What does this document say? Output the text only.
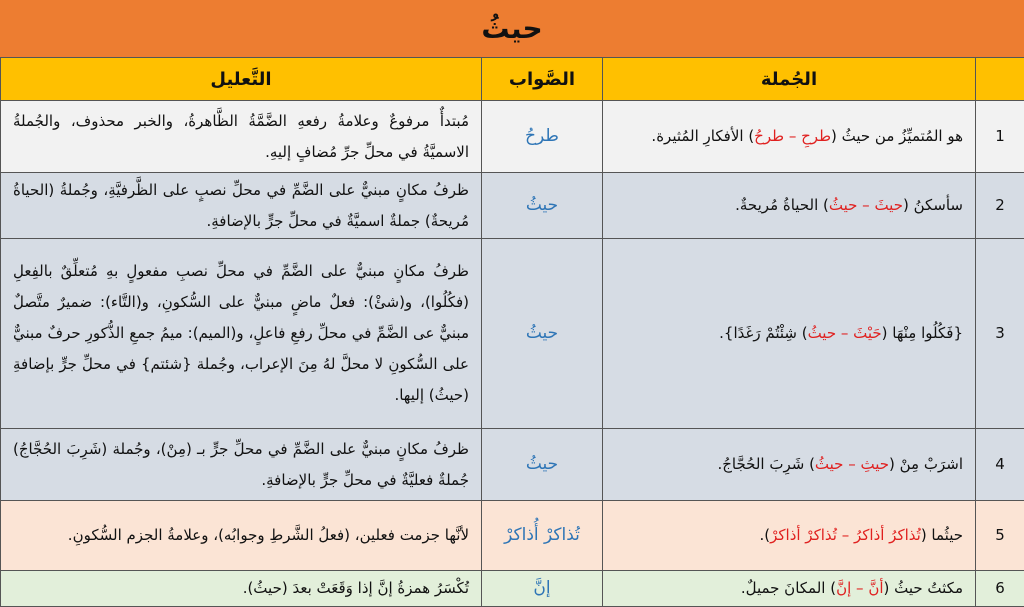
حيثُ
	الجُملة	الصَّواب	التَّعليل
1	هو المُتميِّزُ من حيثُ (طرحِ – طرحُ) الأفكارِ المُثيرة.	طرحُ	مُبتدأٌ مرفوعٌ وعلامةُ رفعهِ الضَّمَّةُ الظَّاهرةُ، والخبر محذوف، والجُملةُ الاسميَّةُ في محلِّ جرِّ مُضافٍ إليهِ.
2	سأسكنُ (حيثَ – حيثُ) الحياةُ مُريحةٌ.	حيثُ	ظرفُ مكانٍ مبنيٌّ على الضَّمِّ في محلِّ نصبٍ على الظَّرفيَّةِ، وجُملةُ (الحياةُ مُريحةٌ) جملةٌ اسميَّةٌ في محلِّ جرٍّ بالإضافةِ.
3	{فَكُلُوا مِنْهَا (حَيْثَ – حيثُ) شِئْتُمْ رَغَدًا}.	حيثُ	ظرفُ مكانٍ مبنيٌّ على الضَّمِّ في محلِّ نصبِ مفعولٍ بهِ مُتعلِّقٌ بالفِعلِ (فكُلُوا)، و(شئْ): فعلٌ ماضٍ مبنيٌّ على السُّكونِ، و(التَّاء): ضميرٌ متَّصلٌ مبنيٌّ عى الضَّمِّ في محلِّ رفعِ فاعلٍ، و(الميم): ميمُ جمعِ الذُّكورِ حرفٌ مبنيٌّ على السُّكونِ لا محلَّ لهُ مِنَ الإعراب، وجُملة {شئتم} في محلِّ جرٍّ بإضافةِ (حيثُ) إليها.
4	اشرَبْ مِنْ (حيثِ – حيثُ) شَرِبَ الحُجَّاجُ.	حيثُ	ظرفُ مكانٍ مبنيٌّ على الضَّمِّ في محلِّ جرٍّ بـ (مِنْ)، وجُملة (شَرِبَ الحُجَّاجُ) جُملةٌ فعليَّةٌ في محلِّ جرٍّ بالإضافةِ.
5	حيثُما (تُذاكرُ أذاكرُ – تُذاكرْ أذاكرْ).	تُذاكرْ أُذاكرْ	لأنَّها جزمت فعلين، (فعلُ الشَّرطِ وجوابُه)، وعلامةُ الجزم السُّكونِ.
6	مكثتُ حيثُ (أنَّ – إنَّ) المكانَ جميلٌ.	إنَّ	تُكْسَرُ همزةُ إنَّ إذا وَقَعَتْ بعدَ (حيثُ).
